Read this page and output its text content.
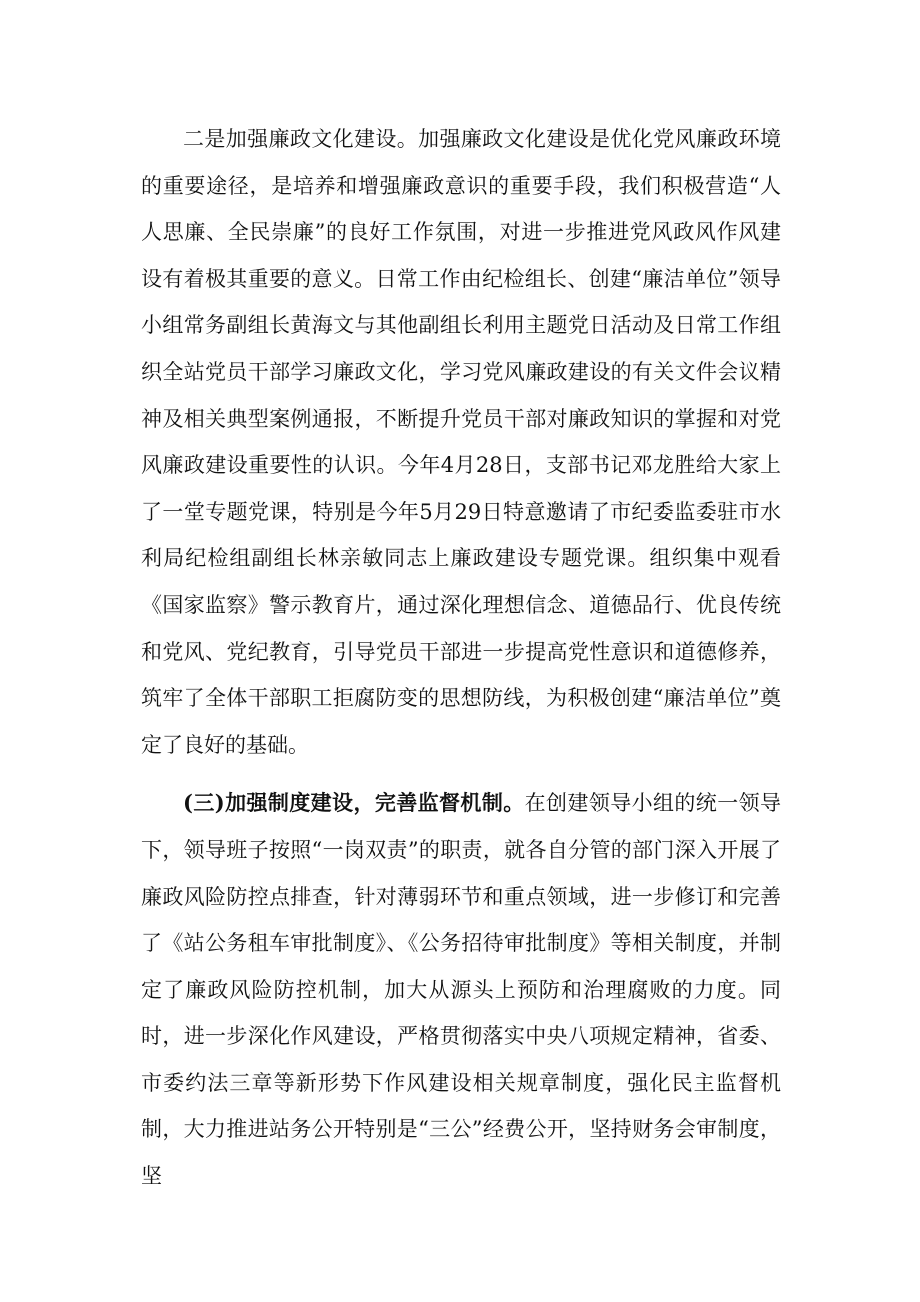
二是加强廉政文化建设。加强廉政文化建设是优化党风廉政环境的重要途径，是培养和增强廉政意识的重要手段，我们积极营造“人人思廉、全民崇廉”的良好工作氛围，对进一步推进党风政风作风建设有着极其重要的意义。日常工作由纪检组长、创建“廉洁单位”领导小组常务副组长黄海文与其他副组长利用主题党日活动及日常工作组织全站党员干部学习廉政文化，学习党风廉政建设的有关文件会议精神及相关典型案例通报，不断提升党员干部对廉政知识的掌握和对党风廉政建设重要性的认识。今年4月28日，支部书记邓龙胜给大家上了一堂专题党课，特别是今年5月29日特意邀请了市纪委监委驻市水利局纪检组副组长林亲敏同志上廉政建设专题党课。组织集中观看《国家监察》警示教育片，通过深化理想信念、道德品行、优良传统和党风、党纪教育，引导党员干部进一步提高党性意识和道德修养，筑牢了全体干部职工拒腐防变的思想防线，为积极创建“廉洁单位”奠定了良好的基础。

(三)加强制度建设，完善监督机制。在创建领导小组的统一领导下，领导班子按照“一岗双责”的职责，就各自分管的部门深入开展了廉政风险防控点排查，针对薄弱环节和重点领域，进一步修订和完善了《站公务租车审批制度》、《公务招待审批制度》等相关制度，并制定了廉政风险防控机制，加大从源头上预防和治理腐败的力度。同时，进一步深化作风建设，严格贯彻落实中央八项规定精神，省委、市委约法三章等新形势下作风建设相关规章制度，强化民主监督机制，大力推进站务公开特别是“三公”经费公开，坚持财务会审制度，坚
